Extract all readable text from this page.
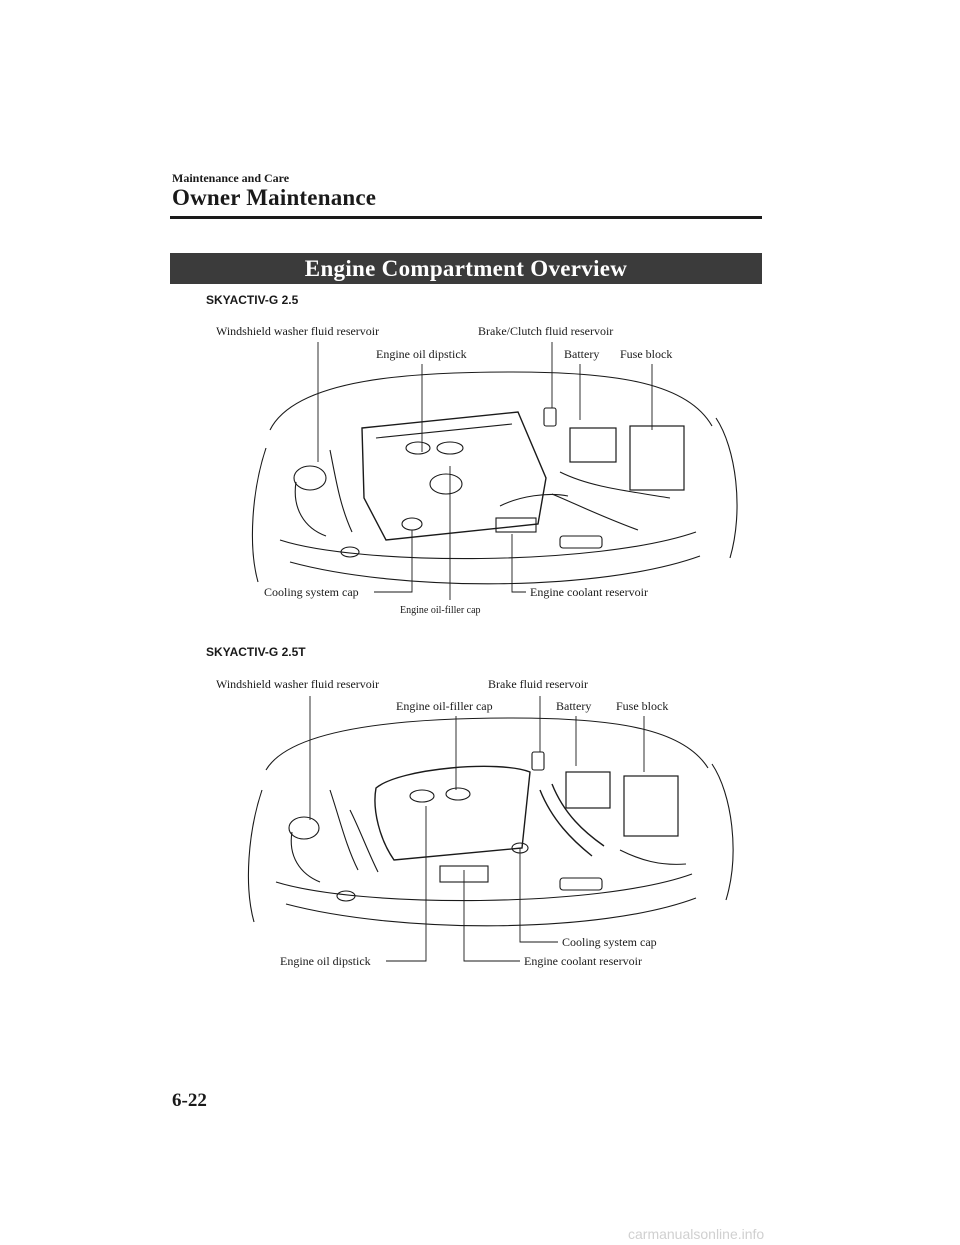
Maintenance and Care
Owner Maintenance
Engine Compartment Overview
SKYACTIV-G 2.5
Windshield washer fluid reservoir	Brake/Clutch fluid reservoir
Engine oil dipstick	Battery Fuse block
Cooling system cap
Engine oil-filler cap
Engine coolant reservoir
SKYACTIV-G 2.5T
Windshield washer fluid reservoir	Brake fluid reservoir
Engine oil-filler cap	Battery Fuse block
Cooling system cap
Engine oil dipstick	Engine coolant reservoir
6-22
carmanualsonline.info
